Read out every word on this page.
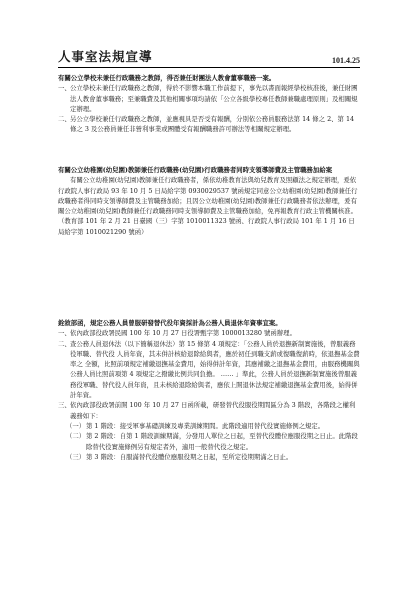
人事室法規宣導	101.4.25

有關公立學校未兼任行政職務之教師，得否兼任財團法人教會董事職務一案。

一、 公立學校未兼任行政職務之教師，得於不影響本職工作前提下，事先以書面報經學校核准後，兼任財團法人教會董事職務；至兼職費及其他相關事項均請依「公立各級學校專任教師兼職處理原則」及相關規定辦理。
二、 另公立學校兼任行政職務之教師，並應視具是否受有報酬，分別依公務員服務法第 14 條之 2、第 14 條之 3 及公務員兼任非營利事業或團體受有報酬職務許可辦法等相關規定辦理。

有關公立幼稚園(幼兒園)教師兼任行政職務(幼兒園)行政職務者同時支領導師費及主管職務加給案

有關公立幼稚園(幼兒園)教師兼任行政職務者，係依幼稚教育法與幼兒教育及照顧法之規定辦理，爰依行政院人事行政局 93 年 10 月 5 日局給字第 0930029537 號函規定同意公立幼稚園(幼兒園)教師兼任行政職務者得同時支領導師費及主管職務加給；且因公立幼稚園(幼兒園)教師兼任行政職務者依法辦理，爰有關公立幼稚園(幼兒園)教師兼任行政職務同時支領導師費及主管職務加給，免再報教育行政主管機關核准。

（教育部 101 年 2 月 21 日臺國（三）字第 1010011323 號函、行政院人事行政局 101 年 1 月 16 日局給字第 1010021290 號函）

銓敘部函，規定公務人員曾服研發替代役年資採計為公務人員退休年資事宜案。

一、 依內政部役政署民國 100 年 10 月 27 日役署甄字第 1000013280 號函辦理。
二、 查公務人員退休法（以下簡稱退休法）第 15 條第 4 項規定：「公務人員於退撫新制實施後，曾服義務役軍職、替代役 人員年資，其未併計核給退除給與者，應於初任到職支薪或復職復薪時，依退撫基金費率之 全額，比照前項規定補繳退撫基金費用，始得併計年資，其應補繳之退撫基金費用，由服務機關與公務人員比照前項第 4 項規定之撥繳比例共同負擔。 …… 」準此，公務人員於退撫新制實施後曾服義務役軍職、替代役人員年資，且未核給退除給與者，應依上開退休法規定補繳退撫基金費用後，始得併計年資。
三、 依內政部役政署前開 100 年 10 月 27 日函所載，研發替代役服役期間區分為 3 階段，各階段之權利義務如下：
（一） 第 1 階段：接受軍事基礎訓練及專業訓練期間。此階段適用替代役實施條例之規定。
（二） 第 2 階段：自第 1 階段訓練期滿，分發用人單位之日起，至替代役體位應服役期之日止。此階段除替代役實施條例另有規定者外，適用一般替代役之規定。
（三） 第 3 階段：自服滿替代役體位應服役期之日起，至所定役期期滿之日止。
